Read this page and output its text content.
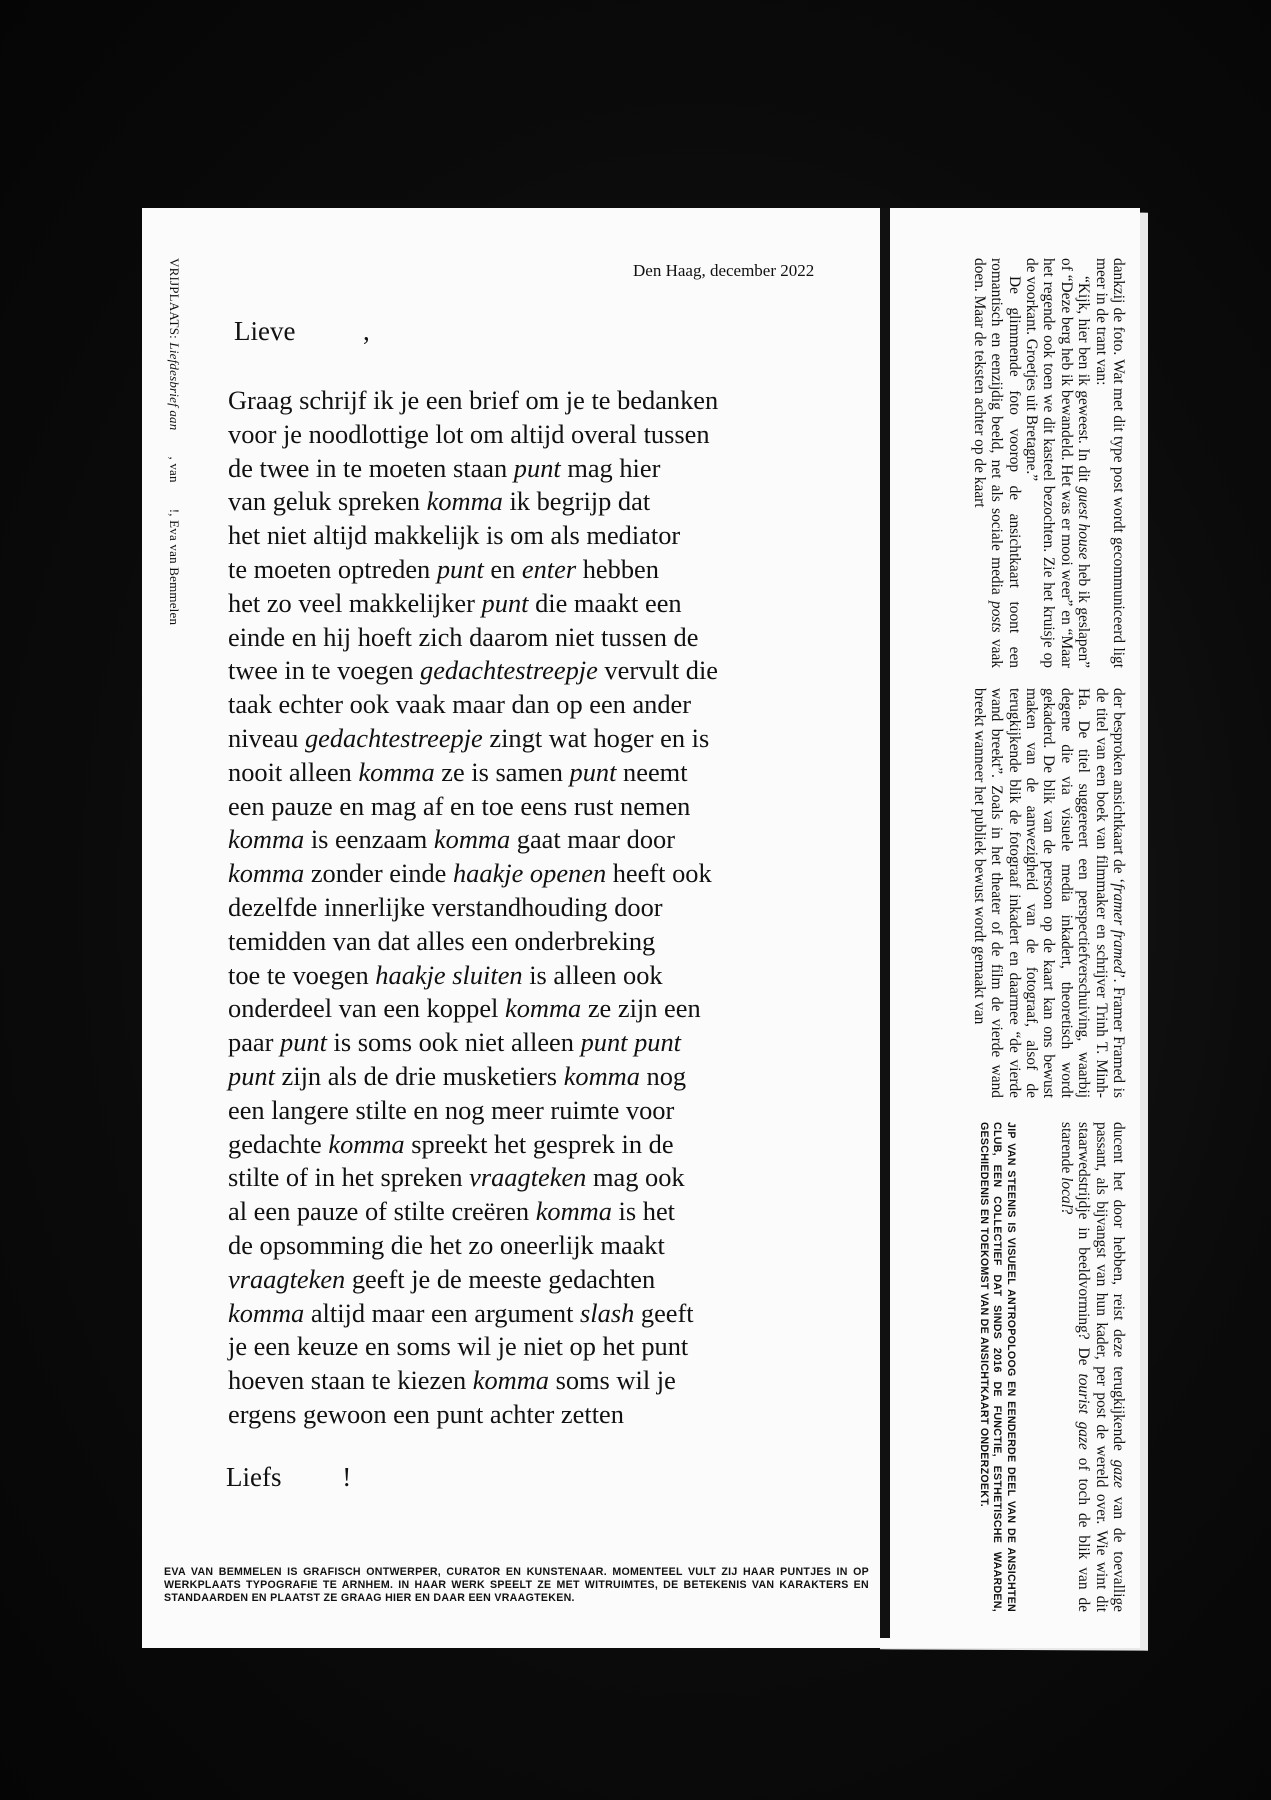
VRIJPLAATS: Liefdesbrief aan, van!, Eva van Bemmelen
Den Haag, december 2022
Lieve          ,
Graag schrijf ik je een brief om je te bedanken
voor je noodlottige lot om altijd overal tussen
de twee in te moeten staan punt mag hier
van geluk spreken komma ik begrijp dat
het niet altijd makkelijk is om als mediator
te moeten optreden punt en enter hebben
het zo veel makkelijker punt die maakt een
einde en hij hoeft zich daarom niet tussen de
twee in te voegen gedachtestreepje vervult die
taak echter ook vaak maar dan op een ander
niveau gedachtestreepje zingt wat hoger en is
nooit alleen komma ze is samen punt neemt
een pauze en mag af en toe eens rust nemen
komma is eenzaam komma gaat maar door
komma zonder einde haakje openen heeft ook
dezelfde innerlijke verstandhouding door
temidden van dat alles een onderbreking
toe te voegen haakje sluiten is alleen ook
onderdeel van een koppel komma ze zijn een
paar punt is soms ook niet alleen punt punt
punt zijn als de drie musketiers komma nog
een langere stilte en nog meer ruimte voor
gedachte komma spreekt het gesprek in de
stilte of in het spreken vraagteken mag ook
al een pauze of stilte creëren komma is het
de opsomming die het zo oneerlijk maakt
vraagteken geeft je de meeste gedachten
komma altijd maar een argument slash geeft
je een keuze en soms wil je niet op het punt
hoeven staan te kiezen komma soms wil je
ergens gewoon een punt achter zetten
Liefs         !
EVA VAN BEMMELEN IS GRAFISCH ONTWERPER, CURATOR EN KUNSTENAAR. MOMENTEEL VULT ZIJ HAAR PUNTJES IN OP WERKPLAATS TYPOGRAFIE TE ARNHEM. IN HAAR WERK SPEELT ZE MET WITRUIMTES, DE BETEKENIS VAN KARAKTERS EN STANDAARDEN EN PLAATST ZE GRAAG HIER EN DAAR EEN VRAAGTEKEN.

dankzij de foto. Wat met dit type post wordt gecommuniceerd ligt meer in de trant van:

“Kijk, hier ben ik geweest. In dit guest house heb ik geslapen” of “Deze berg heb ik bewandeld. Het was er mooi weer” en “Maar het regende ook toen we dit kasteel bezochten. Zie het kruisje op de voorkant. Groetjes uit Bretagne.”

De glimmende foto voorop de ansichtkaart toont een romantisch en eenzijdig beeld, net als sociale media posts vaak doen. Maar de teksten achter op de kaart

der besproken ansichtkaart de ‘framer framed’. Framer Framed is de titel van een boek van filmmaker en schrijver Trinh T. Minh-Ha. De titel suggereert een perspectiefverschuiving, waarbij degene die via visuele media inkadert, theoretisch wordt gekaderd. De blik van de persoon op de kaart kan ons bewust maken van de aanwezigheid van de fotograaf, alsof de terugkijkende blik de fotograaf inkadert en daarmee “de vierde wand breekt”. Zoals in het theater of de film de vierde wand breekt wanneer het publiek bewust wordt gemaakt van

ducent het door hebben, reist deze terugkijkende gaze van de toevallige passant, als bijvangst van hun kader, per post de wereld over. Wie wint dit staarwedstrijdje in beeldvorming? De tourist gaze of toch de blik van de starende local?

JIP VAN STEENIS IS VISUEEL ANTROPOLOOG EN EENDERDE DEEL VAN DE ANSICHTEN CLUB, EEN COLLECTIEF DAT SINDS 2016 DE FUNCTIE, ESTHETISCHE WAARDEN, GESCHIEDENIS EN TOEKOMST VAN DE ANSICHTKAART ONDERZOEKT.
